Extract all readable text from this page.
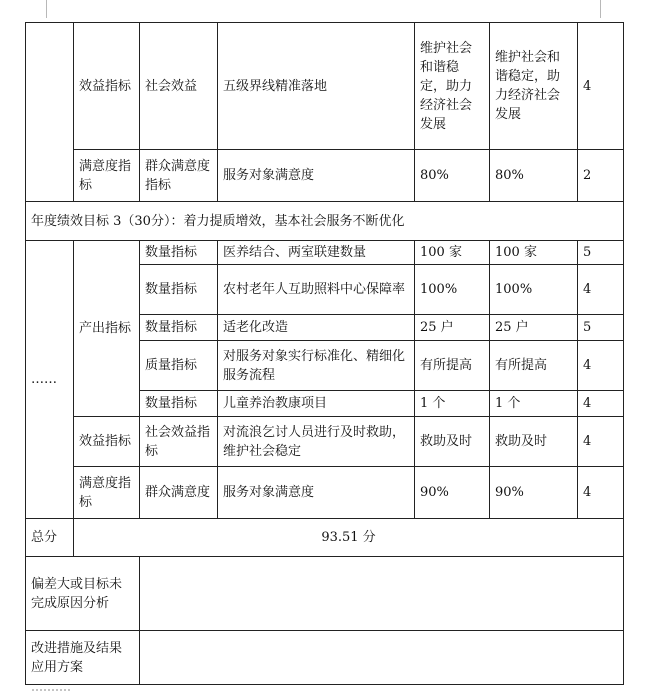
	效益指标	社会效益	五级界线精准落地	维护社会和谐稳定，助力经济社会发展	维护社会和谐稳定，助力经济社会发展	4
	满意度指标	群众满意度指标	服务对象满意度	80%	80%	2
年度绩效目标 3（30分）：着力提质增效，基本社会服务不断优化						
……	产出指标	数量指标	医养结合、两室联建数量	100 家	100 家	5
		数量指标	农村老年人互助照料中心保障率	100%	100%	4
		数量指标	适老化改造	25 户	25 户	5
		质量指标	对服务对象实行标准化、精细化服务流程	有所提高	有所提高	4
		数量指标	儿童养治教康项目	1 个	1 个	4
	效益指标	社会效益指标	对流浪乞讨人员进行及时救助，维护社会稳定	救助及时	救助及时	4
	满意度指标	群众满意度	服务对象满意度	90%	90%	4
总分	93.51 分					
偏差大或目标未完成原因分析						
改进措施及结果应用方案						
